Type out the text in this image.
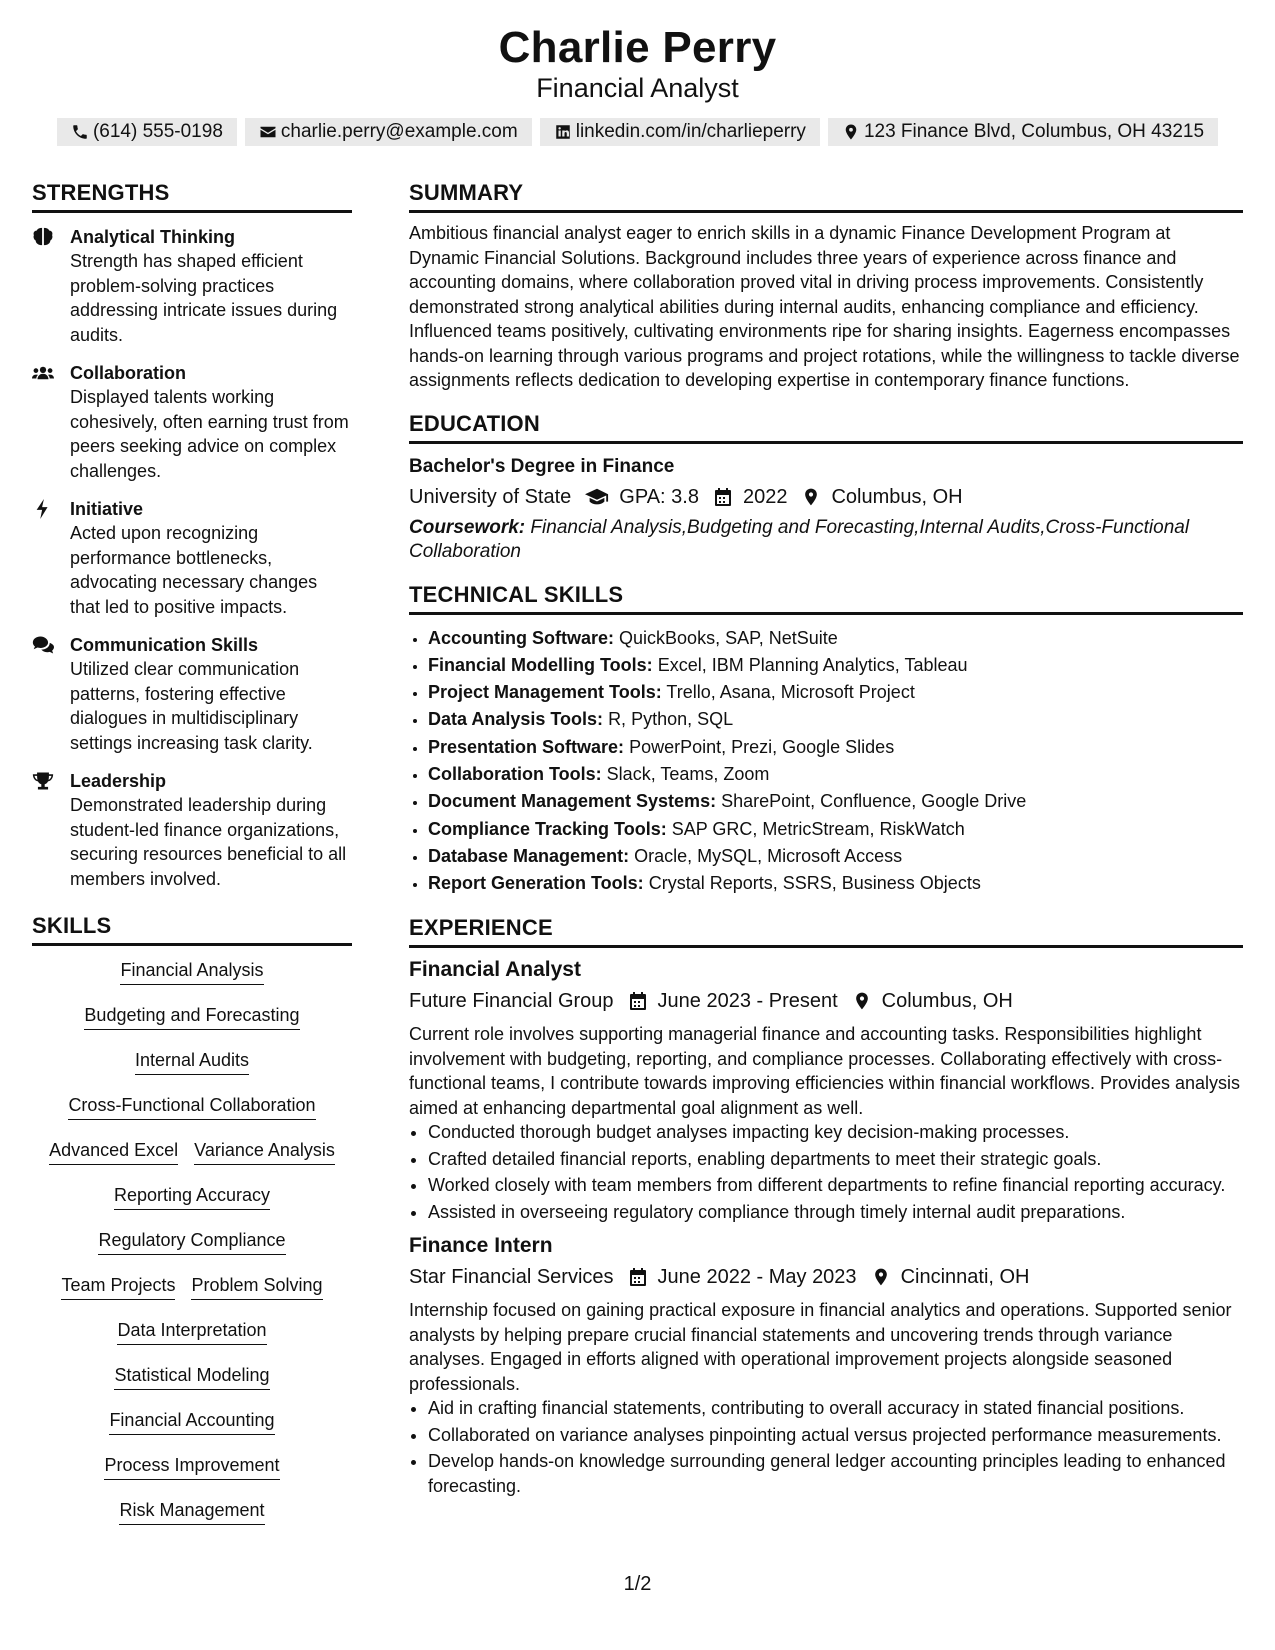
Charlie Perry
Financial Analyst
(614) 555-0198	charlie.perry@example.com	linkedin.com/in/charlieperry	123 Finance Blvd, Columbus, OH 43215
STRENGTHS
Analytical Thinking
Strength has shaped efficient problem-solving practices addressing intricate issues during audits.
Collaboration
Displayed talents working cohesively, often earning trust from peers seeking advice on complex challenges.
Initiative
Acted upon recognizing performance bottlenecks, advocating necessary changes that led to positive impacts.
Communication Skills
Utilized clear communication patterns, fostering effective dialogues in multidisciplinary settings increasing task clarity.
Leadership
Demonstrated leadership during student-led finance organizations, securing resources beneficial to all members involved.
SKILLS
Financial Analysis
Budgeting and Forecasting
Internal Audits
Cross-Functional Collaboration
Advanced Excel Variance Analysis
Reporting Accuracy
Regulatory Compliance
Team Projects Problem Solving
Data Interpretation
Statistical Modeling
Financial Accounting
Process Improvement
Risk Management
SUMMARY
Ambitious financial analyst eager to enrich skills in a dynamic Finance Development Program at Dynamic Financial Solutions. Background includes three years of experience across finance and accounting domains, where collaboration proved vital in driving process improvements. Consistently demonstrated strong analytical abilities during internal audits, enhancing compliance and efficiency. Influenced teams positively, cultivating environments ripe for sharing insights. Eagerness encompasses hands-on learning through various programs and project rotations, while the willingness to tackle diverse assignments reflects dedication to developing expertise in contemporary finance functions.
EDUCATION
Bachelor's Degree in Finance
University of State GPA: 3.8 2022 Columbus, OH
Coursework: Financial Analysis,Budgeting and Forecasting,Internal Audits,Cross-Functional Collaboration
TECHNICAL SKILLS
• Accounting Software: QuickBooks, SAP, NetSuite
• Financial Modelling Tools: Excel, IBM Planning Analytics, Tableau
• Project Management Tools: Trello, Asana, Microsoft Project
• Data Analysis Tools: R, Python, SQL
• Presentation Software: PowerPoint, Prezi, Google Slides
• Collaboration Tools: Slack, Teams, Zoom
• Document Management Systems: SharePoint, Confluence, Google Drive
• Compliance Tracking Tools: SAP GRC, MetricStream, RiskWatch
• Database Management: Oracle, MySQL, Microsoft Access
• Report Generation Tools: Crystal Reports, SSRS, Business Objects
EXPERIENCE
Financial Analyst
Future Financial Group June 2023 - Present Columbus, OH
Current role involves supporting managerial finance and accounting tasks. Responsibilities highlight involvement with budgeting, reporting, and compliance processes. Collaborating effectively with cross-functional teams, I contribute towards improving efficiencies within financial workflows. Provides analysis aimed at enhancing departmental goal alignment as well.
• Conducted thorough budget analyses impacting key decision-making processes.
• Crafted detailed financial reports, enabling departments to meet their strategic goals.
• Worked closely with team members from different departments to refine financial reporting accuracy.
• Assisted in overseeing regulatory compliance through timely internal audit preparations.
Finance Intern
Star Financial Services June 2022 - May 2023 Cincinnati, OH
Internship focused on gaining practical exposure in financial analytics and operations. Supported senior analysts by helping prepare crucial financial statements and uncovering trends through variance analyses. Engaged in efforts aligned with operational improvement projects alongside seasoned professionals.
• Aid in crafting financial statements, contributing to overall accuracy in stated financial positions.
• Collaborated on variance analyses pinpointing actual versus projected performance measurements.
• Develop hands-on knowledge surrounding general ledger accounting principles leading to enhanced forecasting.
1/2
